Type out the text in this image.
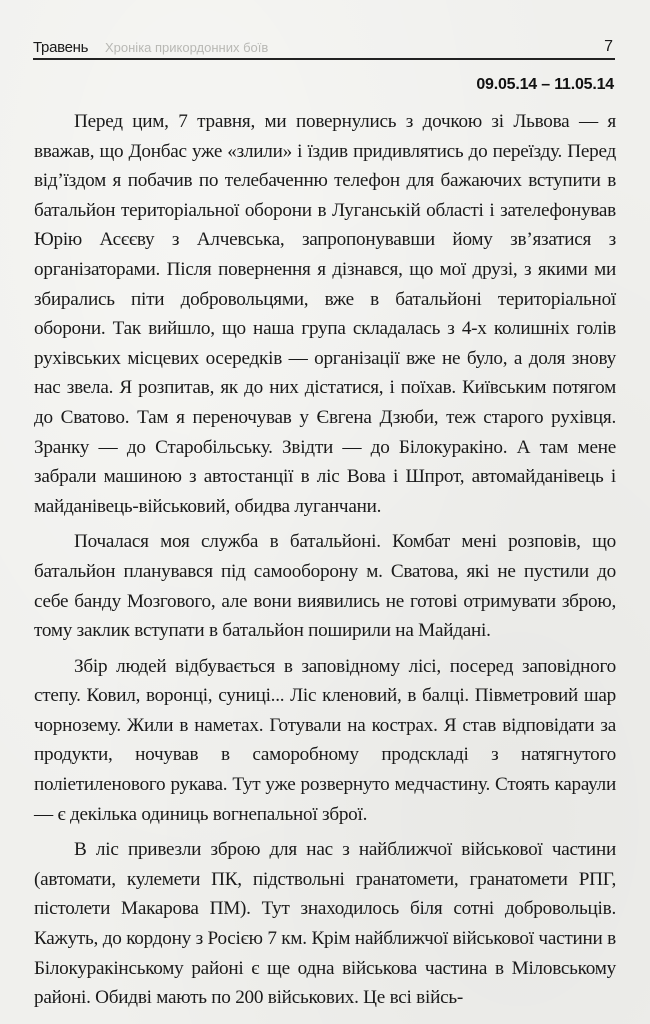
Травень Хроніка прикордонних боїв	7
09.05.14 – 11.05.14

Перед цим, 7 травня, ми повернулись з дочкою зі Львова — я вважав, що Донбас уже «злили» і їздив придивлятись до переїзду. Перед від’їздом я побачив по телебаченню телефон для бажаючих вступити в батальйон територіальної оборони в Луганській області і зателефонував Юрію Асєєву з Алчевська, запропонувавши йому зв’язатися з організаторами. Після повернення я дізнався, що мої друзі, з якими ми збирались піти добровольцями, вже в батальйоні територіальної оборони. Так вийшло, що наша група складалась з 4-х колишніх голів рухівських місцевих осередків — організації вже не було, а доля знову нас звела. Я розпитав, як до них дістатися, і поїхав. Київським потягом до Сватово. Там я переночував у Євгена Дзюби, теж старого рухівця. Зранку — до Старобільську. Звідти — до Білокуракіно. А там мене забрали машиною з автостанції в ліс Вова і Шпрот, автомайданівець і майданівець-військовий, обидва луганчани.

Почалася моя служба в батальйоні. Комбат мені розповів, що батальйон планувався під самооборону м. Сватова, які не пустили до себе банду Мозгового, але вони виявились не готові отримувати зброю, тому заклик вступати в батальйон поширили на Майдані.

Збір людей відбувається в заповідному лісі, посеред заповідного степу. Ковил, воронці, суниці... Ліс кленовий, в балці. Півметровий шар чорнозему. Жили в наметах. Готували на кострах. Я став відповідати за продукти, ночував в саморобному продскладі з натягнутого поліетиленового рукава. Тут уже розвернуто медчастину. Стоять караули — є декілька одиниць вогнепальної зброї.

В ліс привезли зброю для нас з найближчої військової частини (автомати, кулемети ПК, підствольні гранатомети, гранатомети РПГ, пістолети Макарова ПМ). Тут знаходилось біля сотні добровольців. Кажуть, до кордону з Росією 7 км. Крім найближчої військової частини в Білокуракінському районі є ще одна військова частина в Міловському районі. Обидві мають по 200 військових. Це всі війсь-
